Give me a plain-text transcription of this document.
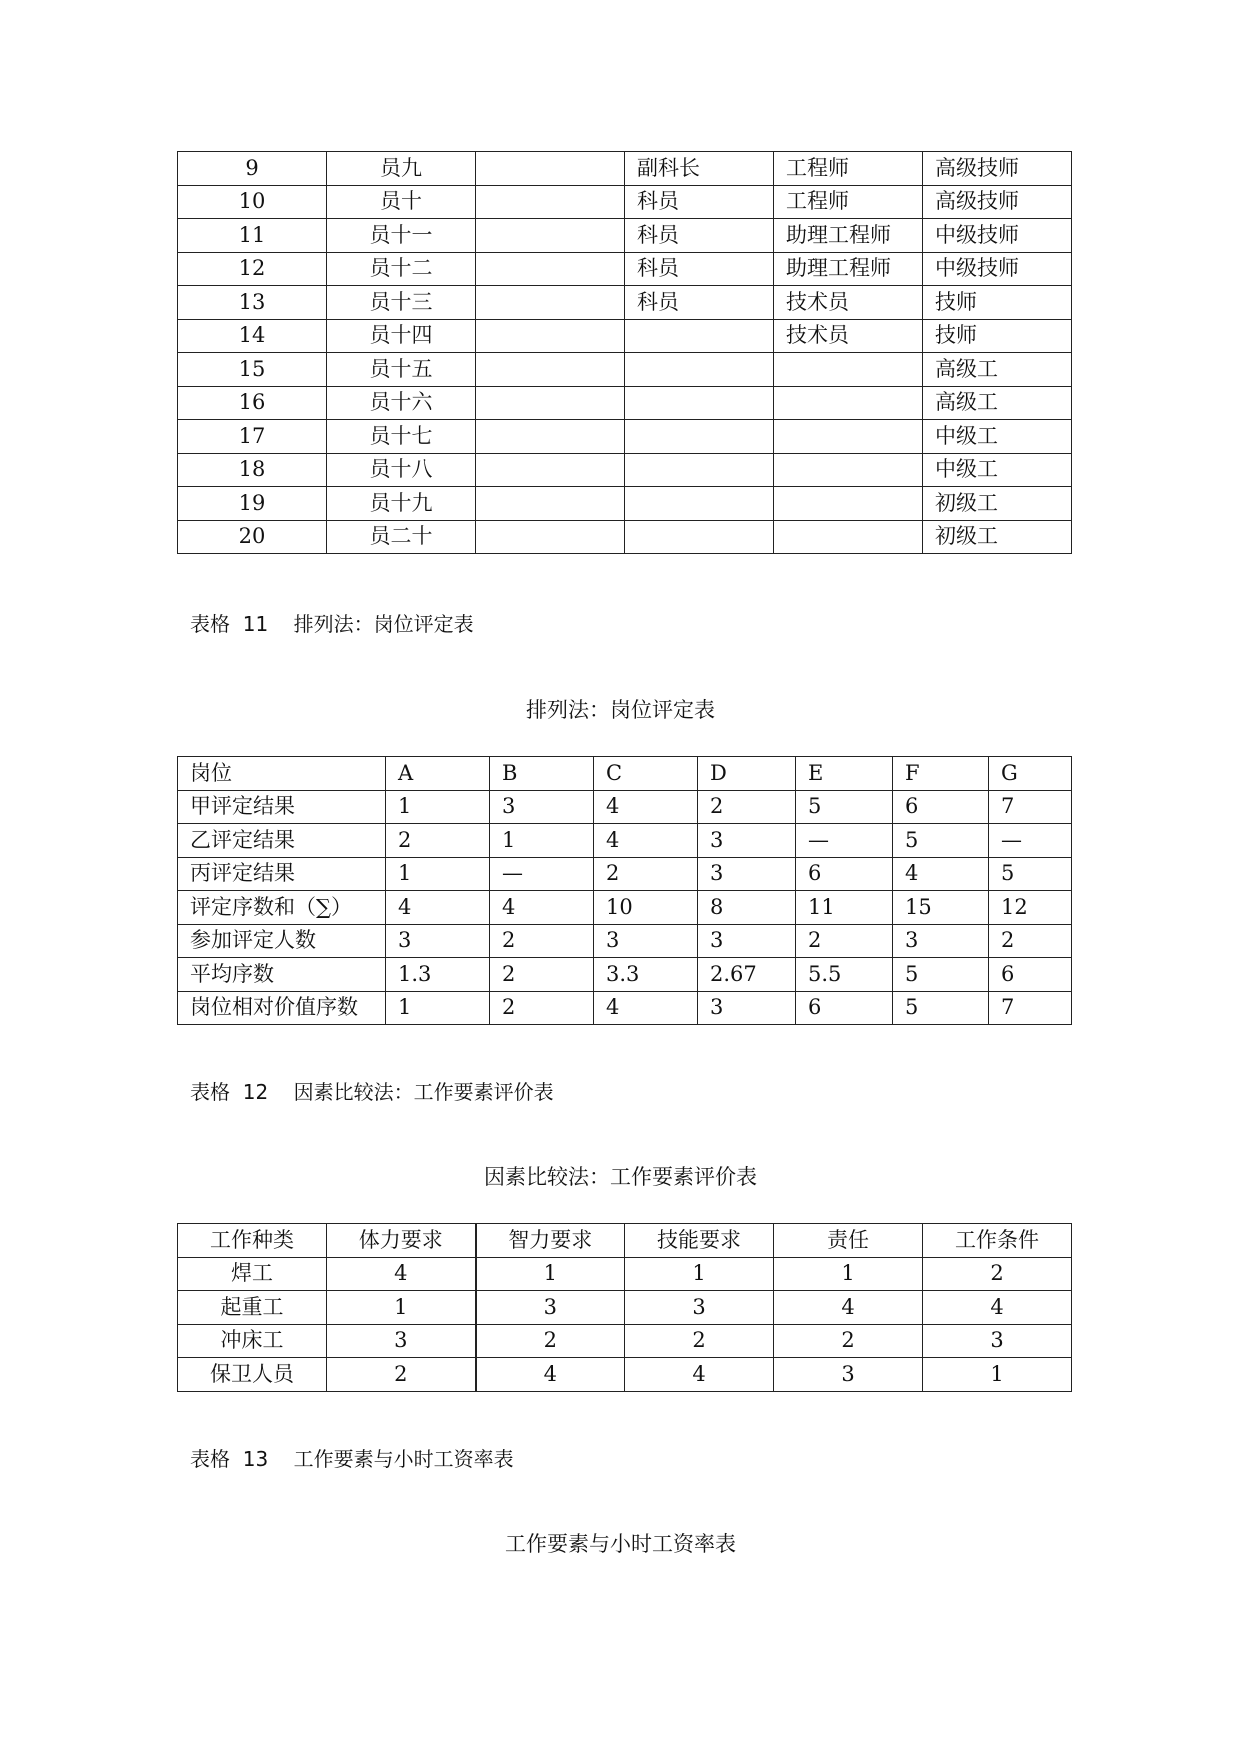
9	员九		副科长	工程师	高级技师
10	员十		科员	工程师	高级技师
11	员十一		科员	助理工程师	中级技师
12	员十二		科员	助理工程师	中级技师
13	员十三		科员	技术员	技师
14	员十四			技术员	技师
15	员十五				高级工
16	员十六				高级工
17	员十七				中级工
18	员十八				中级工
19	员十九				初级工
20	员二十				初级工
表格  11    排列法：岗位评定表
排列法：岗位评定表
岗位	A	B	C	D	E	F	G
甲评定结果	1	3	4	2	5	6	7
乙评定结果	2	1	4	3	—	5	—
丙评定结果	1	—	2	3	6	4	5
评定序数和（∑）	4	4	10	8	11	15	12
参加评定人数	3	2	3	3	2	3	2
平均序数	1.3	2	3.3	2.67	5.5	5	6
岗位相对价值序数	1	2	4	3	6	5	7
表格  12    因素比较法：工作要素评价表
因素比较法：工作要素评价表
工作种类	体力要求	智力要求	技能要求	责任	工作条件
焊工	4	1	1	1	2
起重工	1	3	3	4	4
冲床工	3	2	2	2	3
保卫人员	2	4	4	3	1
表格  13    工作要素与小时工资率表
工作要素与小时工资率表
